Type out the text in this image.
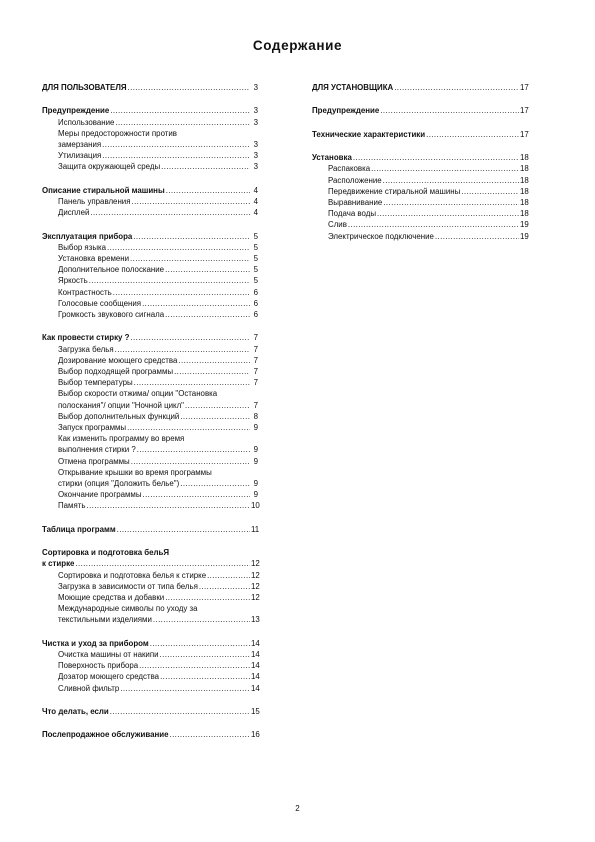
Содержание
ДЛЯ ПОЛЬЗОВАТЕЛЯ .....	3
Предупреждение .....	3
Использование .....	3
Меры предосторожности против
замерзания .....	3
Утилизация .....	3
Защита окружающей среды .....	3
Описание стиральной машины .....	4
Панель управления .....	4
Дисплей .....	4
Эксплуатация прибора .....	5
Выбор языка .....	5
Установка времени .....	5
Дополнительное полоскание .....	5
Яркость .....	5
Контрастность .....	6
Голосовые сообщения .....	6
Громкость звукового сигнала .....	6
Как провести стирку ? .....	7
Загрузка белья .....	7
Дозирование моющего средства .....	7
Выбор подходящей программы .....	7
Выбор температуры .....	7
Выбор скорости отжима/ опции "Остановка
полоскания"/ опции "Ночной цикл" .....	7
Выбор дополнительных функций .....	8
Запуск программы .....	9
Как изменить программу во время
выполнения стирки ? .....	9
Отмена программы .....	9
Открывание крышки во время программы
стирки (опция "Доложить белье") .....	9
Окончание программы .....	9
Память .....	10
Таблица программ .....	11
Сортировка и подготовка бельЯ
к стирке .....	12
Сортировка и подготовка белья к стирке .....	12
Загрузка в зависимости от типа белья .....	12
Моющие средства и добавки .....	12
Международные символы по уходу за
текстильными изделиями .....	13
Чистка и уход за прибором .....	14
Очистка машины от накипи .....	14
Поверхность прибора .....	14
Дозатор моющего средства .....	14
Сливной фильтр .....	14
Что делать, если .....	15
Послепродажное обслуживание .....	16
ДЛЯ УСТАНОВЩИКА .....	17
Предупреждение .....	17
Технические характеристики .....	17
Установка .....	18
Распаковка .....	18
Расположение .....	18
Передвижение стиральной машины .....	18
Выравнивание .....	18
Подача воды .....	18
Слив .....	19
Электрическое подключение .....	19
2
